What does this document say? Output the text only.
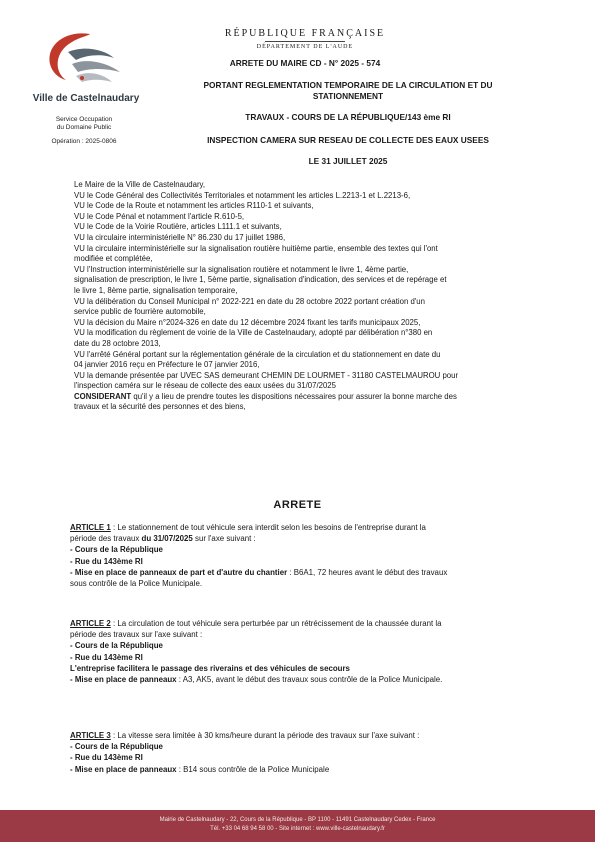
Ville de Castelnaudary
Service Occupation
du Domaine Public
Opération : 2025-0806
RÉPUBLIQUE FRANÇAISE
DÉPARTEMENT DE L'AUDE
ARRETE DU MAIRE CD - N° 2025 - 574
PORTANT REGLEMENTATION TEMPORAIRE DE LA CIRCULATION ET DU
STATIONNEMENT
TRAVAUX - COURS DE LA RÉPUBLIQUE/143 ème RI
INSPECTION CAMERA SUR RESEAU DE COLLECTE DES EAUX USEES
LE 31 JUILLET 2025
Le Maire de la Ville de Castelnaudary,
VU le Code Général des Collectivités Territoriales et notamment les articles L.2213-1 et L.2213-6,
VU le Code de la Route et notamment les articles R110-1 et suivants,
VU le Code Pénal et notamment l'article R.610-5,
VU le Code de la Voirie Routière, articles L111.1 et suivants,
VU la circulaire interministérielle N° 86.230 du 17 juillet 1986,
VU la circulaire interministérielle sur la signalisation routière huitième partie, ensemble des textes qui l'ont
modifiée et complétée,
VU l'Instruction interministérielle sur la signalisation routière et notamment le livre 1, 4ème partie,
signalisation de prescription, le livre 1, 5ème partie, signalisation d'indication, des services et de repérage et
le livre 1, 8ème partie, signalisation temporaire,
VU la délibération du Conseil Municipal n° 2022-221 en date du 28 octobre 2022 portant création d'un
service public de fourrière automobile,
VU la décision du Maire n°2024-326 en date du 12 décembre 2024 fixant les tarifs municipaux 2025,
VU la modification du règlement de voirie de la Ville de Castelnaudary, adopté par délibération n°380 en
date du 28 octobre 2013,
VU l'arrêté Général portant sur la réglementation générale de la circulation et du stationnement en date du
04 janvier 2016 reçu en Préfecture le 07 janvier 2016,
VU la demande présentée par UVEC SAS demeurant CHEMIN DE LOURMET - 31180 CASTELMAUROU pour
l'inspection caméra sur le réseau de collecte des eaux usées du 31/07/2025
CONSIDERANT qu'il y a lieu de prendre toutes les dispositions nécessaires pour assurer la bonne marche des
travaux et la sécurité des personnes et des biens,
ARRETE
ARTICLE 1 : Le stationnement de tout véhicule sera interdit selon les besoins de l'entreprise durant la
période des travaux du 31/07/2025 sur l'axe suivant :
- Cours de la République
- Rue du 143ème RI
- Mise en place de panneaux de part et d'autre du chantier : B6A1, 72 heures avant le début des travaux
sous contrôle de la Police Municipale.
ARTICLE 2 : La circulation de tout véhicule sera perturbée par un rétrécissement de la chaussée durant la
période des travaux sur l'axe suivant :
- Cours de la République
- Rue du 143ème RI
L'entreprise facilitera le passage des riverains et des véhicules de secours
- Mise en place de panneaux : A3, AK5, avant le début des travaux sous contrôle de la Police Municipale.
ARTICLE 3 : La vitesse sera limitée à 30 kms/heure durant la période des travaux sur l'axe suivant :
- Cours de la République
- Rue du 143ème RI
- Mise en place de panneaux : B14 sous contrôle de la Police Municipale
Mairie de Castelnaudary - 22, Cours de la République - BP 1100 - 11491 Castelnaudary Cedex - France
Tél. +33 04 68 94 58 00 - Site internet : www.ville-castelnaudary.fr
